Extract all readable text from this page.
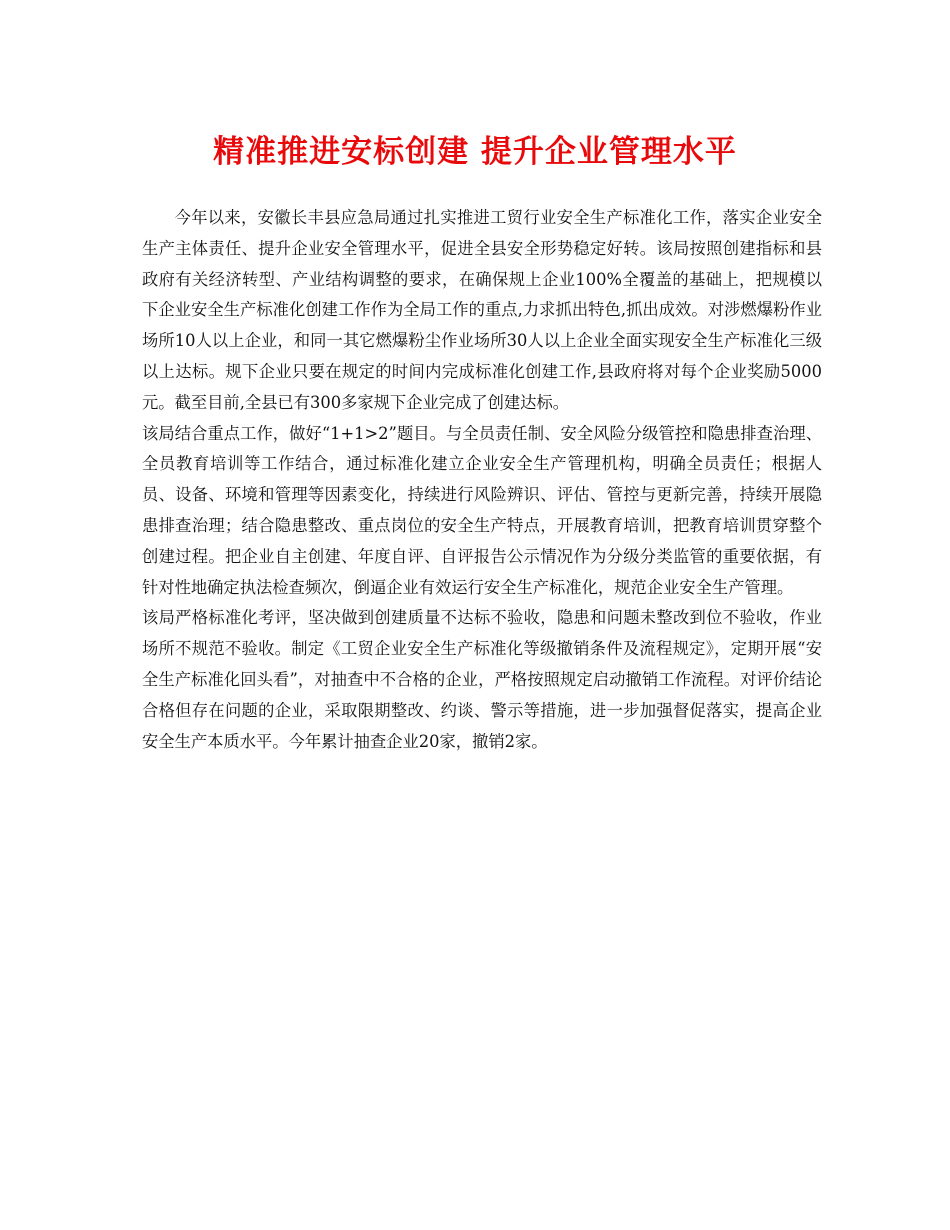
精准推进安标创建 提升企业管理水平

今年以来，安徽长丰县应急局通过扎实推进工贸行业安全生产标准化工作，落实企业安全生产主体责任、提升企业安全管理水平，促进全县安全形势稳定好转。该局按照创建指标和县政府有关经济转型、产业结构调整的要求，在确保规上企业100%全覆盖的基础上，把规模以下企业安全生产标准化创建工作作为全局工作的重点,力求抓出特色,抓出成效。对涉燃爆粉作业场所10人以上企业，和同一其它燃爆粉尘作业场所30人以上企业全面实现安全生产标准化三级以上达标。规下企业只要在规定的时间内完成标准化创建工作,县政府将对每个企业奖励5000元。截至目前,全县已有300多家规下企业完成了创建达标。

该局结合重点工作，做好“1+1>2”题目。与全员责任制、安全风险分级管控和隐患排查治理、全员教育培训等工作结合，通过标准化建立企业安全生产管理机构，明确全员责任；根据人员、设备、环境和管理等因素变化，持续进行风险辨识、评估、管控与更新完善，持续开展隐患排查治理；结合隐患整改、重点岗位的安全生产特点，开展教育培训，把教育培训贯穿整个创建过程。把企业自主创建、年度自评、自评报告公示情况作为分级分类监管的重要依据，有针对性地确定执法检查频次，倒逼企业有效运行安全生产标准化，规范企业安全生产管理。

该局严格标准化考评，坚决做到创建质量不达标不验收，隐患和问题未整改到位不验收，作业场所不规范不验收。制定《工贸企业安全生产标准化等级撤销条件及流程规定》，定期开展“安全生产标准化回头看”，对抽查中不合格的企业，严格按照规定启动撤销工作流程。对评价结论合格但存在问题的企业，采取限期整改、约谈、警示等措施，进一步加强督促落实，提高企业安全生产本质水平。今年累计抽查企业20家，撤销2家。
